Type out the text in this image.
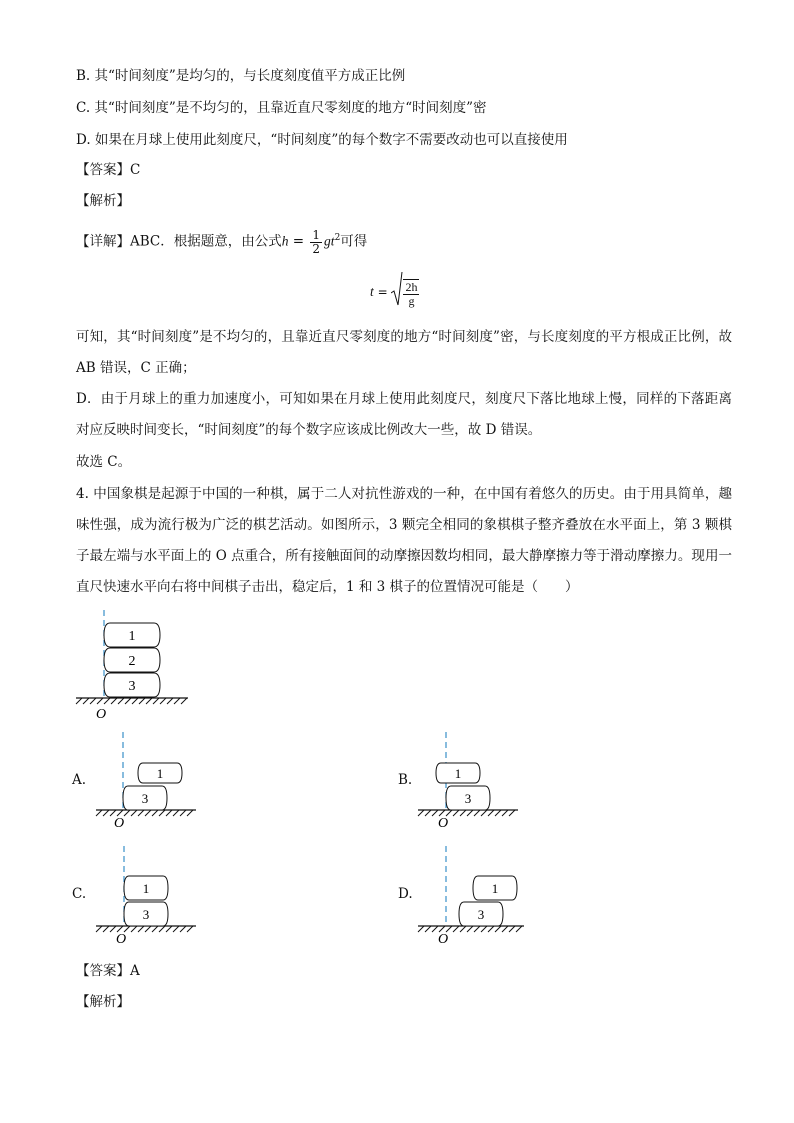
B. 其“时间刻度”是均匀的，与长度刻度值平方成正比例
C. 其“时间刻度”是不均匀的，且靠近直尺零刻度的地方“时间刻度”密
D. 如果在月球上使用此刻度尺，“时间刻度”的每个数字不需要改动也可以直接使用
【 答案 】 C
【 解析 】
【 详解 】 ABC．根据题意，由公式$h = \frac{1}{2} gt^2$可得
$t = \frac{2h}{g}$
可知，其“时间刻度”是不均匀的，且靠近直尺零刻度的地方“时间刻度”密，与长度刻度的平方根成正比例，故 AB 错误，C 正确；
D．由于月球上的重力加速度小，可知如果在月球上使用此刻度尺，刻度尺下落比地球上慢，同样的下落距离对应反映时间变长，“时间刻度”的每个数字应该成比例改大一些，故 D 错误。
故选 C。
4. 中国象棋是起源于中国的一种棋，属于二人对抗性游戏的一种，在中国有着悠久的历史。由于用具简单，趣味性强，成为流行极为广泛的棋艺活动。如图所示，3 颗完全相同的象棋棋子整齐叠放在水平面上，第 3 颗棋子最左端与水平面上的 O 点重合，所有接触面间的动摩擦因数均相同，最大静摩擦力等于滑动摩擦力。现用一直尺快速水平向右将中间棋子击出，稳定后，1 和 3 棋子的位置情况可能是（　　）
1
2
3
O
A.	1
3
O
B.	1
3
O
C.	1
3
O
D.	1
3
O
【 答案 】 A
【 解析 】
